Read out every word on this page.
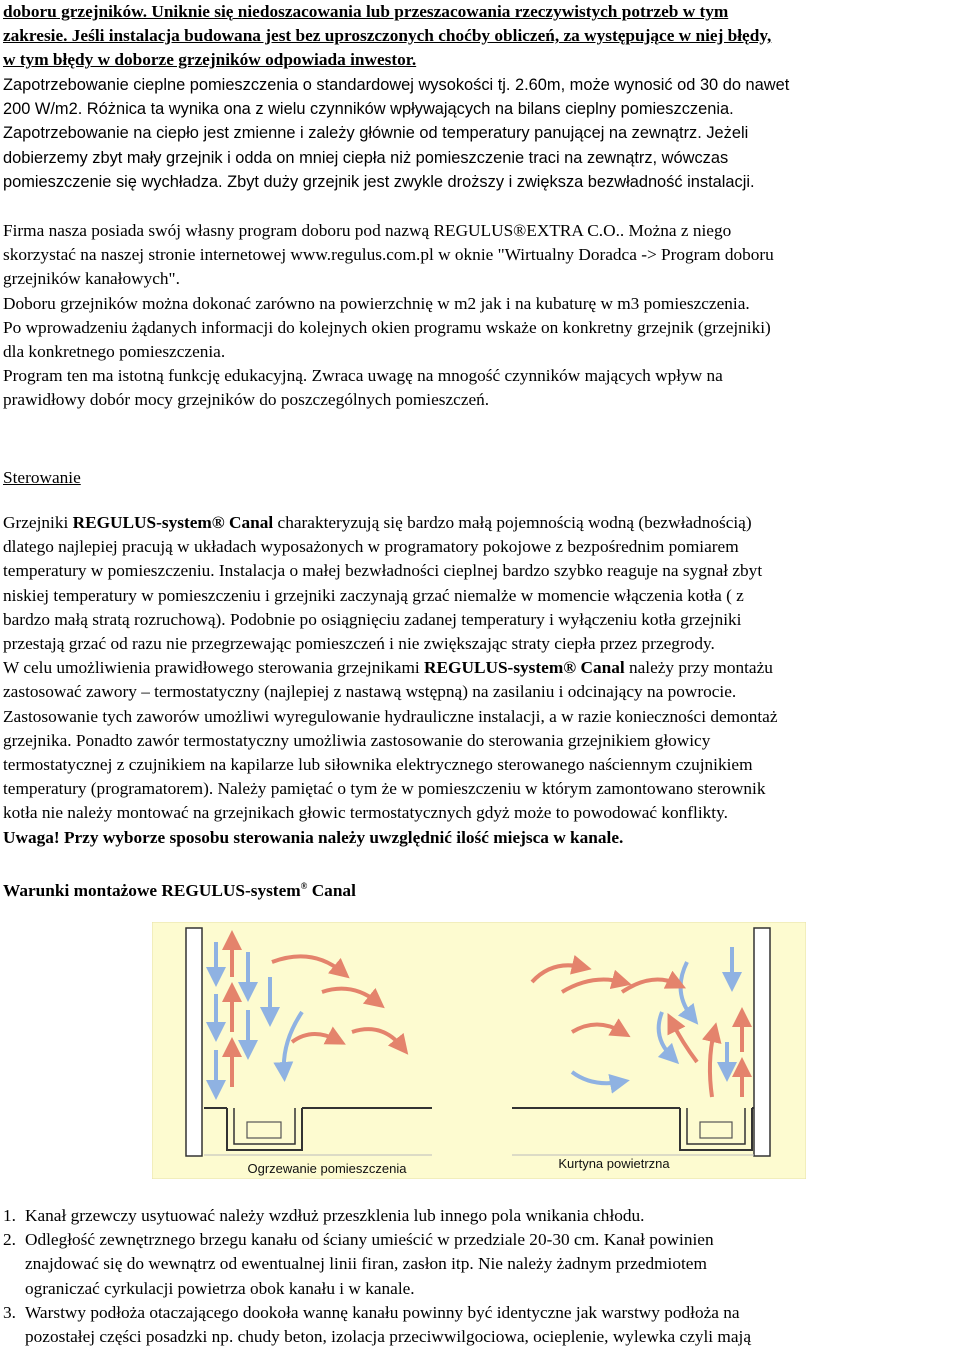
doboru grzejników. Uniknie się niedoszacowania lub przeszacowania rzeczywistych potrzeb w tym
zakresie. Jeśli instalacja budowana jest bez uproszczonych choćby obliczeń, za występujące w niej błędy,
w tym błędy w doborze grzejników odpowiada inwestor.

Zapotrzebowanie cieplne pomieszczenia o standardowej wysokości tj. 2.60m, może wynosić od 30 do nawet
200 W/m2. Różnica ta wynika ona z wielu czynników wpływających na bilans cieplny pomieszczenia.
Zapotrzebowanie na ciepło jest zmienne i zależy głównie od temperatury panującej na zewnątrz. Jeżeli
dobierzemy zbyt mały grzejnik i odda on mniej ciepła niż pomieszczenie traci na zewnątrz, wówczas
pomieszczenie się wychładza. Zbyt duży grzejnik jest zwykle droższy i zwiększa bezwładność instalacji.

Firma nasza posiada swój własny program doboru pod nazwą REGULUS®EXTRA C.O.. Można z niego
skorzystać na naszej stronie internetowej www.regulus.com.pl w oknie "Wirtualny Doradca -> Program doboru
grzejników kanałowych".
Doboru grzejników można dokonać zarówno na powierzchnię w m2 jak i na kubaturę w m3 pomieszczenia.
Po wprowadzeniu żądanych informacji do kolejnych okien programu wskaże on konkretny grzejnik (grzejniki)
dla konkretnego pomieszczenia.
Program ten ma istotną funkcję edukacyjną. Zwraca uwagę na mnogość czynników mających wpływ na
prawidłowy dobór mocy grzejników do poszczególnych pomieszczeń.

Sterowanie

Grzejniki REGULUS-system® Canal charakteryzują się bardzo małą pojemnością wodną (bezwładnością)
dlatego najlepiej pracują w układach wyposażonych w programatory pokojowe z bezpośrednim pomiarem
temperatury w pomieszczeniu. Instalacja o małej bezwładności cieplnej bardzo szybko reaguje na sygnał zbyt
niskiej temperatury w pomieszczeniu i grzejniki zaczynają grzać niemalże w momencie włączenia kotła ( z
bardzo małą stratą rozruchową). Podobnie po osiągnięciu zadanej temperatury i wyłączeniu kotła grzejniki
przestają grzać od razu nie przegrzewając pomieszczeń i nie zwiększając straty ciepła przez przegrody.
W celu umożliwienia prawidłowego sterowania grzejnikami REGULUS-system® Canal należy przy montażu
zastosować zawory – termostatyczny (najlepiej z nastawą wstępną) na zasilaniu i odcinający na powrocie.
Zastosowanie tych zaworów umożliwi wyregulowanie hydrauliczne instalacji, a w razie konieczności demontaż
grzejnika. Ponadto zawór termostatyczny umożliwia zastosowanie do sterowania grzejnikiem głowicy
termostatycznej z czujnikiem na kapilarze lub siłownika elektrycznego sterowanego naściennym czujnikiem
temperatury (programatorem). Należy pamiętać o tym że w pomieszczeniu w którym zamontowano sterownik
kotła nie należy montować na grzejnikach głowic termostatycznych gdyż może to powodować konflikty.
Uwaga! Przy wyborze sposobu sterowania należy uwzględnić ilość miejsca w kanale.

Warunki montażowe REGULUS-system® Canal

Ogrzewanie pomieszczenia	Kurtyna powietrzna
1. Kanał grzewczy usytuować należy wzdłuż przeszklenia lub innego pola wnikania chłodu.
2. Odległość zewnętrznego brzegu kanału od ściany umieścić w przedziale 20-30 cm. Kanał powinien
znajdować się do wewnątrz od ewentualnej linii firan, zasłon itp. Nie należy żadnym przedmiotem
ograniczać cyrkulacji powietrza obok kanału i w kanale.
3. Warstwy podłoża otaczającego dookoła wannę kanału powinny być identyczne jak warstwy podłoża na
pozostałej części posadzki np. chudy beton, izolacja przeciwwilgociowa, ocieplenie, wylewka czyli mają
